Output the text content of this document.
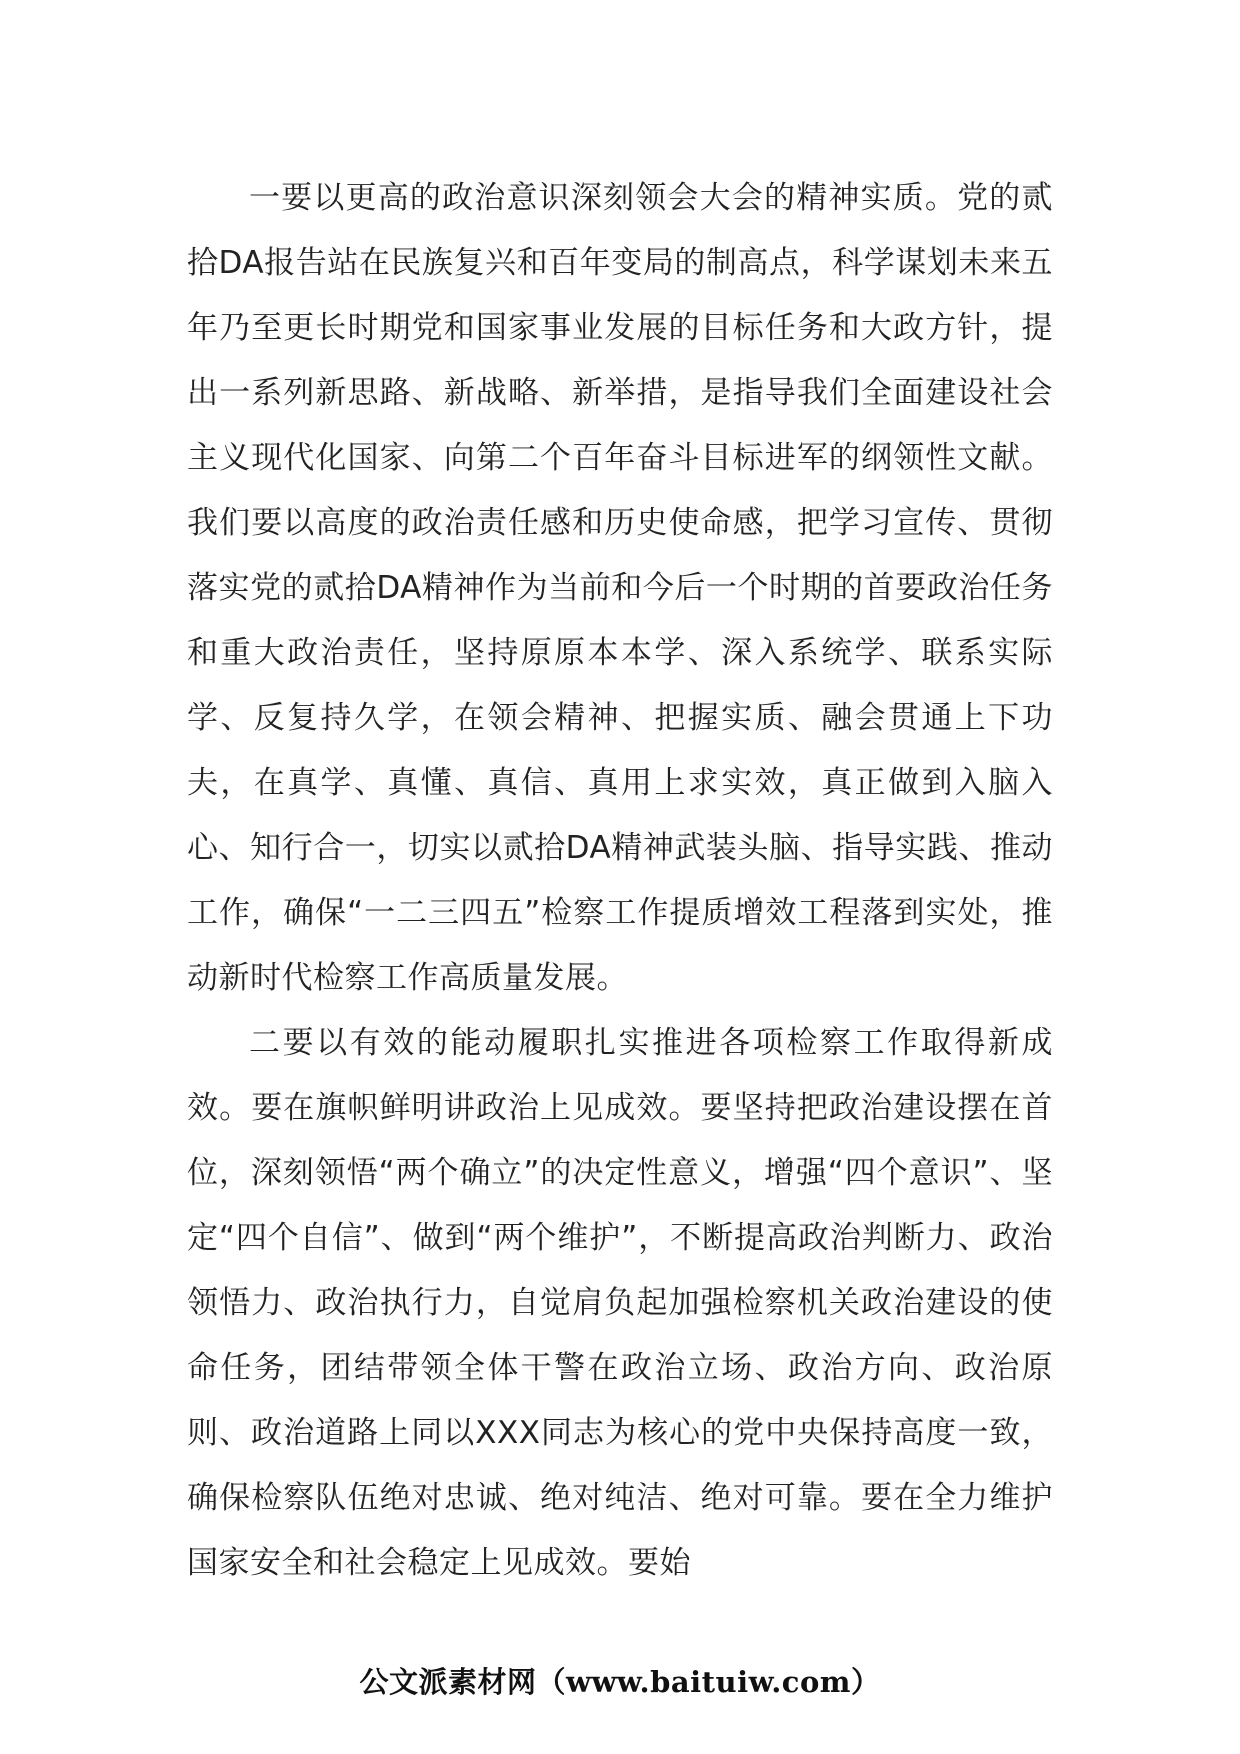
一要以更高的政治意识深刻领会大会的精神实质。党的贰拾DA报告站在民族复兴和百年变局的制高点，科学谋划未来五年乃至更长时期党和国家事业发展的目标任务和大政方针，提出一系列新思路、新战略、新举措，是指导我们全面建设社会主义现代化国家、向第二个百年奋斗目标进军的纲领性文献。我们要以高度的政治责任感和历史使命感，把学习宣传、贯彻落实党的贰拾DA精神作为当前和今后一个时期的首要政治任务和重大政治责任，坚持原原本本学、深入系统学、联系实际学、反复持久学，在领会精神、把握实质、融会贯通上下功夫，在真学、真懂、真信、真用上求实效，真正做到入脑入心、知行合一，切实以贰拾DA精神武装头脑、指导实践、推动工作，确保“一二三四五”检察工作提质增效工程落到实处，推动新时代检察工作高质量发展。

二要以有效的能动履职扎实推进各项检察工作取得新成效。要在旗帜鲜明讲政治上见成效。要坚持把政治建设摆在首位，深刻领悟“两个确立”的决定性意义，增强“四个意识”、坚定“四个自信”、做到“两个维护”，不断提高政治判断力、政治领悟力、政治执行力，自觉肩负起加强检察机关政治建设的使命任务，团结带领全体干警在政治立场、政治方向、政治原则、政治道路上同以XXX同志为核心的党中央保持高度一致，确保检察队伍绝对忠诚、绝对纯洁、绝对可靠。要在全力维护国家安全和社会稳定上见成效。要始

公文派素材网（www.baituiw.com）
